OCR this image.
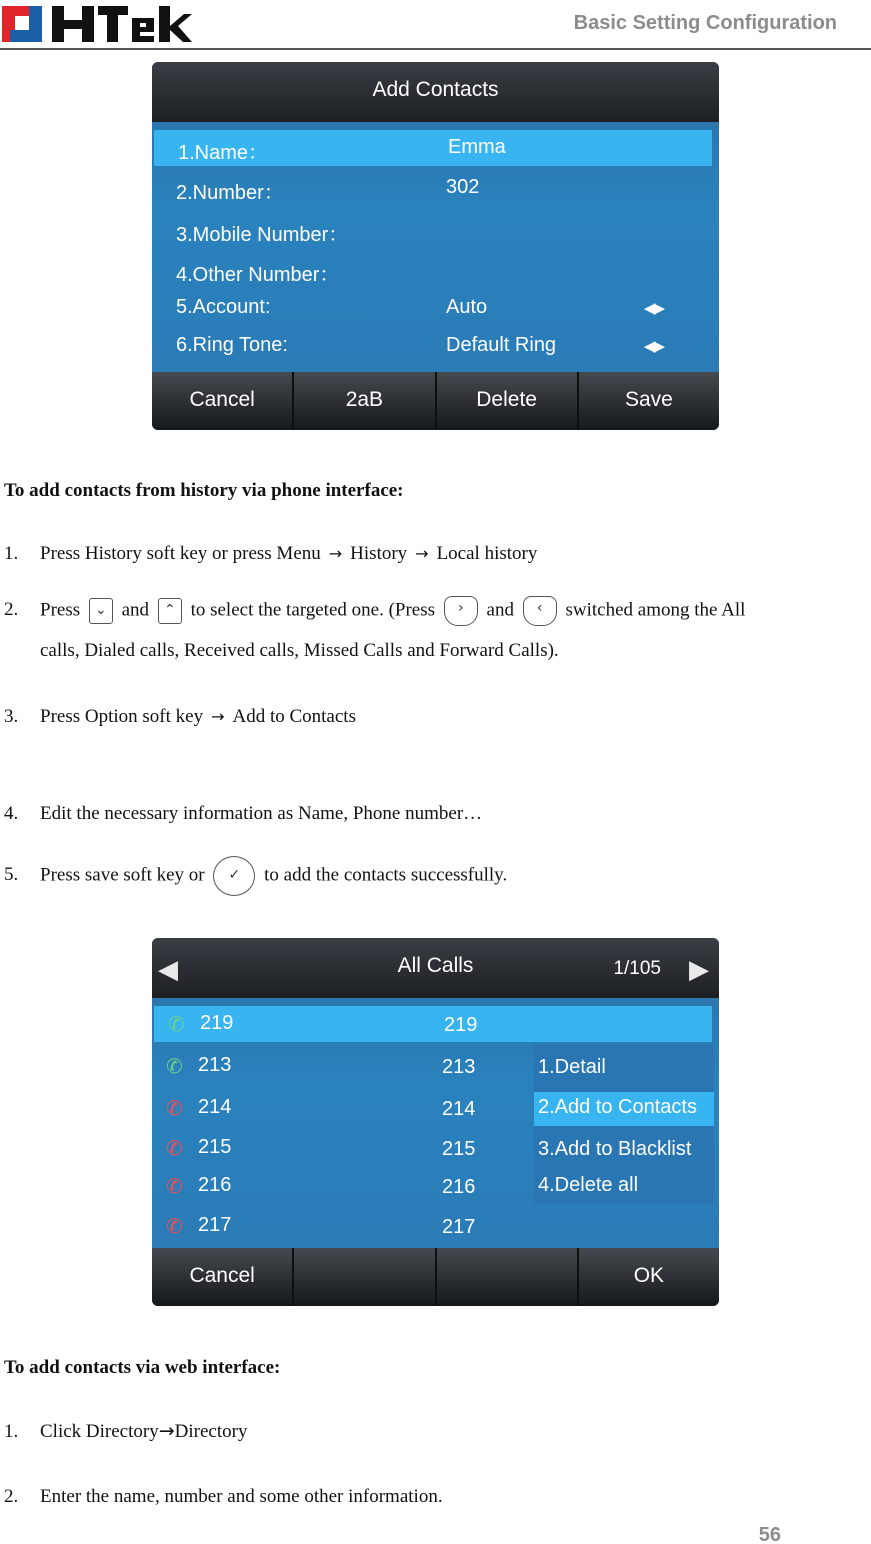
Basic Setting Configuration
Add Contacts
1.Name：	Emma
2.Number：	302
3.Mobile Number：
4.Other Number：
5.Account:	Auto	◀▶
6.Ring Tone:	Default Ring	◀▶
Cancel	2aB	Delete	Save
To add contacts from history via phone interface:
1. Press History soft key or press Menu → History → Local history
2. Press ⌄ and ⌃ to select the targeted one. (Press › and ‹ switched among the All
calls, Dialed calls, Received calls, Missed Calls and Forward Calls).
3. Press Option soft key → Add to Contacts
4. Edit the necessary information as Name, Phone number…
5. Press save soft key or ✓ to add the contacts successfully.
◀	All Calls	1/105 ▶
✆ 219	219
✆ 213	213
✆ 214	214
✆ 215	215
✆ 216	216
✆ 217	217
1.Detail
2.Add to Contacts
3.Add to Blacklist
4.Delete all
Cancel	OK
To add contacts via web interface:
1. Click Directory→Directory
2. Enter the name, number and some other information.
56
